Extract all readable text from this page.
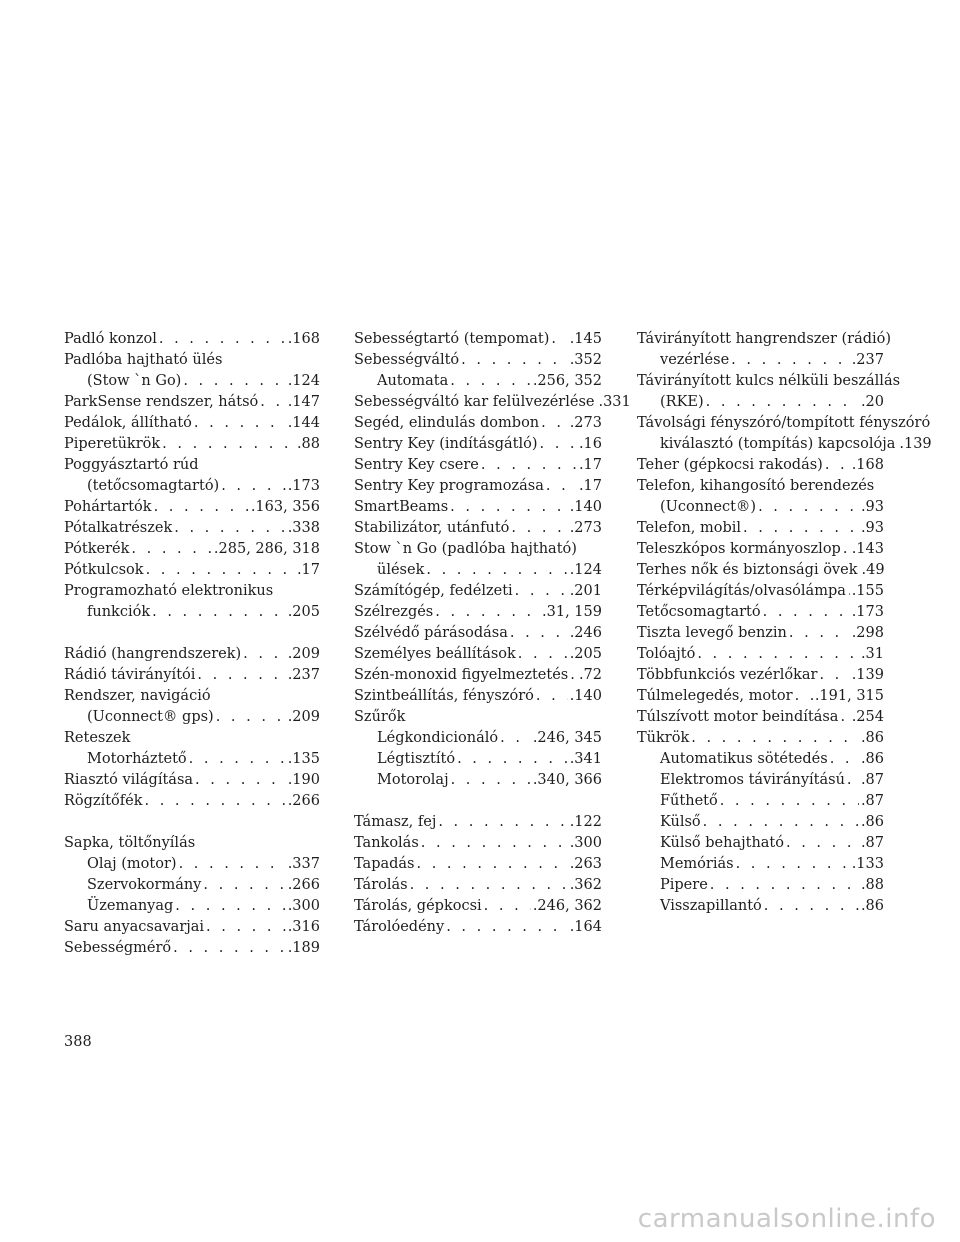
Padló konzol . . .	.168
Padlóba hajtható ülés
(Stow `n Go) . . .	.124
ParkSense rendszer, hátsó . . . .147
Pedálok, állítható . . .	.144
Piperetükrök . . .	.88
Poggyásztartó rúd
(tetőcsomagtartó) . . .	.173
Pohártartók . . .	.163, 356
Pótalkatrészek . . .	.338
Pótkerék . . .	.285, 286, 318
Pótkulcsok . . .	.17
Programozható elektronikus
funkciók . . .	.205
Rádió (hangrendszerek) . . .	.209
Rádió távirányítói . . .	.237
Rendszer, navigáció
(Uconnect® gps) . . .	.209
Reteszek
Motorháztető . . .	.135
Riasztó világítása . . .	.190
Rögzítőfék . . .	.266
Sapka, töltőnyílás
Olaj (motor) . . .	.337
Szervokormány . . .	.266
Üzemanyag . . .	.300
Saru anyacsavarjai . . .	.316
Sebességmérő . . .	.189
Sebességtartó (tempomat) . . . .145
Sebességváltó . . .	.352
Automata . . .	.256, 352
Sebességváltó kar felülvezérlése .331
Segéd, elindulás dombon . . . .273
Sentry Key (indításgátló) . . .	.16
Sentry Key csere . . .	.17
Sentry Key programozása . . . .17
SmartBeams . . .	.140
Stabilizátor, utánfutó . . .	.273
Stow `n Go (padlóba hajtható)
ülések . . .	.124
Számítógép, fedélzeti . . .	.201
Szélrezgés . . .	.31, 159
Szélvédő párásodása . . .	.246
Személyes beállítások . . .	.205
Szén-monoxid figyelmeztetés . . . .72
Szintbeállítás, fényszóró . . . .140
Szűrők
Légkondicionáló . . . .246, 345
Légtisztító . . .	.341
Motorolaj . . .	.340, 366
Támasz, fej . . .	.122
Tankolás . . .	.300
Tapadás . . .	.263
Tárolás . . .	.362
Tárolás, gépkocsi . . .	.246, 362
Tárolóedény . . .	.164
Távirányított hangrendszer (rádió)
vezérlése . . .	.237
Távirányított kulcs nélküli beszállás
(RKE) . . .	.20
Távolsági fényszóró/tompított fényszóró
kiválasztó (tompítás) kapcsolója .139
Teher (gépkocsi rakodás) . . . .168
Telefon, kihangosító berendezés
(Uconnect®) . . .	.93
Telefon, mobil . . .	.93
Teleszkópos kormányoszlop . . . .143
Terhes nők és biztonsági övek .49
Térképvilágítás/olvasólámpa . . . .155
Tetőcsomagtartó . . .	.173
Tiszta levegő benzin . . .	.298
Tolóajtó . . .	.31
Többfunkciós vezérlőkar . . . .139
Túlmelegedés, motor . . . .191, 315
Túlszívott motor beindítása . . . .254
Tükrök . . .	.86
Automatikus sötétedés . . . .86
Elektromos távirányítású . . . .87
Fűthető . . .	.87
Külső . . .	.86
Külső behajtható . . .	.87
Memóriás . . .	.133
Pipere . . .	.88
Visszapillantó . . .	.86
388
carmanualsonline.info
